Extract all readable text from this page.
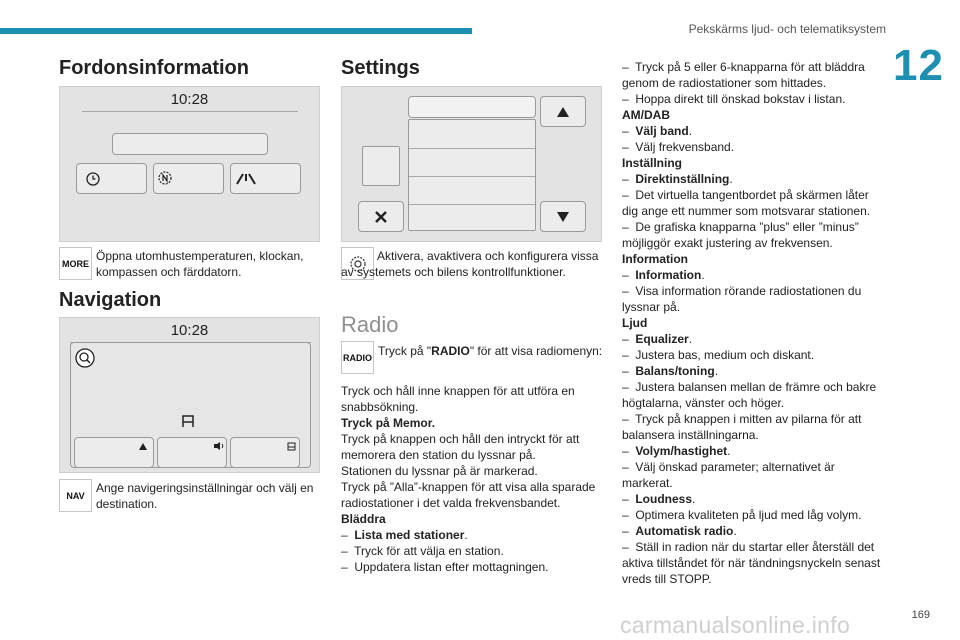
Pekskärms ljud- och telematiksystem
12
Fordonsinformation
10:28
MORE
Öppna utomhustemperaturen, klockan, kompassen och färddatorn.
Navigation
10:28
NAV
Ange navigeringsinställningar och välj en destination.
Settings
Aktivera, avaktivera och konfigurera vissa av systemets och bilens kontrollfunktioner.
Radio
RADIO Tryck på "RADIO" för att visa radiomenyn:
Tryck och håll inne knappen för att utföra en snabbsökning.
Tryck på Memor.
Tryck på knappen och håll den intryckt för att memorera den station du lyssnar på.
Stationen du lyssnar på är markerad.
Tryck på ”Alla”-knappen för att visa alla sparade radiostationer i det valda frekvensbandet.
Bläddra
–  Lista med stationer.
–  Tryck för att välja en station.
–  Uppdatera listan efter mottagningen.
–  Tryck på 5 eller 6-knapparna för att bläddra genom de radiostationer som hittades.
–  Hoppa direkt till önskad bokstav i listan.
AM/DAB
–  Välj band.
–  Välj frekvensband.
Inställning
–  Direktinställning.
–  Det virtuella tangentbordet på skärmen låter dig ange ett nummer som motsvarar stationen.
–  De grafiska knapparna ”plus” eller ”minus” möjliggör exakt justering av frekvensen.
Information
–  Information.
–  Visa information rörande radiostationen du lyssnar på.
Ljud
–  Equalizer.
–  Justera bas, medium och diskant.
–  Balans/toning.
–  Justera balansen mellan de främre och bakre högtalarna, vänster och höger.
–  Tryck på knappen i mitten av pilarna för att balansera inställningarna.
–  Volym/hastighet.
–  Välj önskad parameter; alternativet är markerat.
–  Loudness.
–  Optimera kvaliteten på ljud med låg volym.
–  Automatisk radio.
–  Ställ in radion när du startar eller återställ det aktiva tillståndet för när tändningsnyckeln senast vreds till STOPP.
carmanualsonline.info	169
